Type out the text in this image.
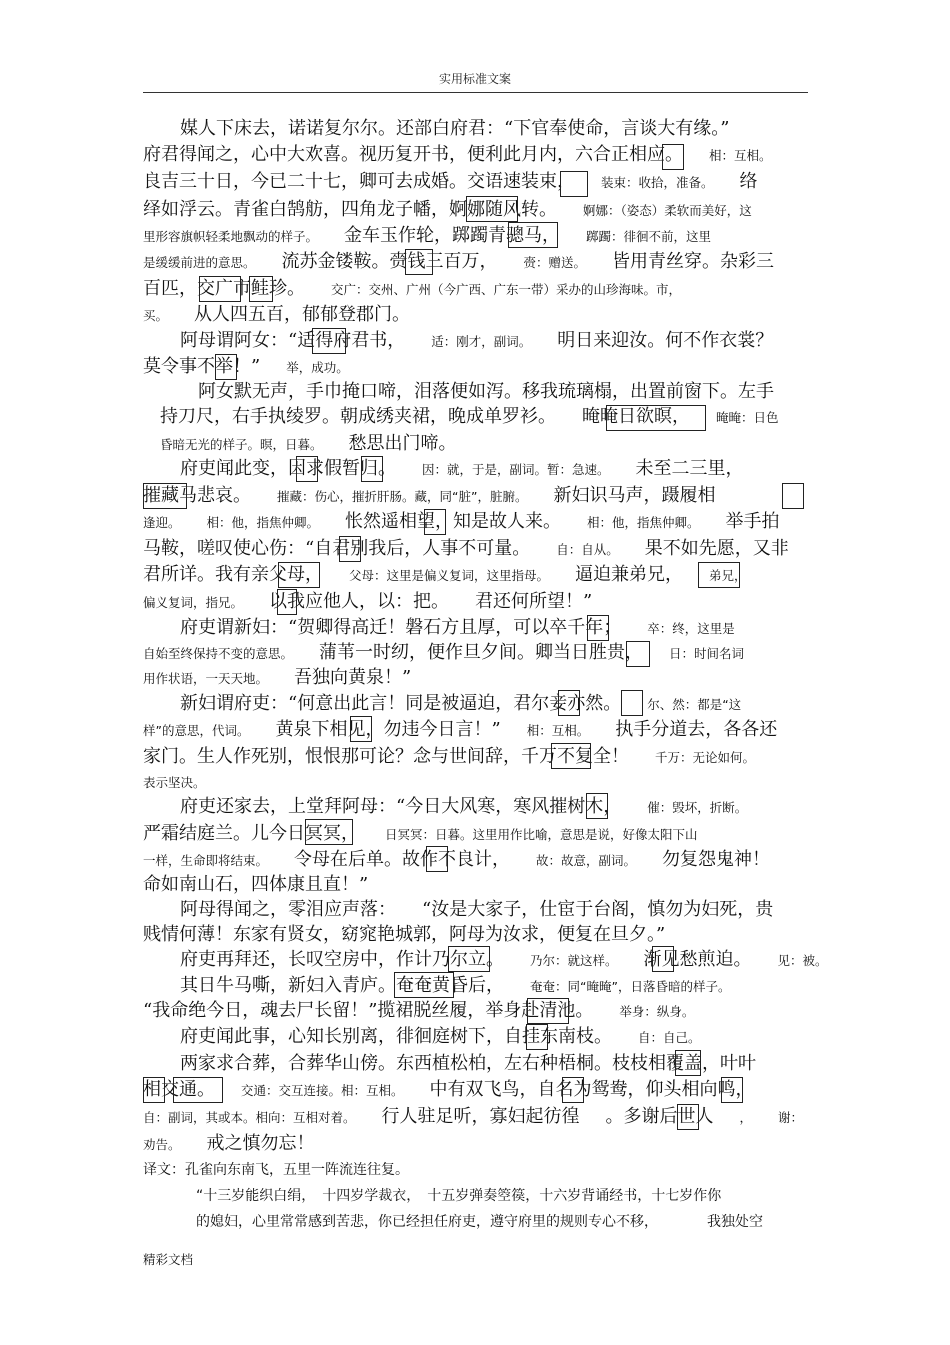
实用标准文案
媒人下床去，诺诺复尔尔。还部白府君：“下官奉使命，言谈大有缘。”
府君得闻之，心中大欢喜。视历复开书，便利此月内，六合正相应。 相：互相。
良吉三十日，今已二十七，卿可去成婚。交语速装束， 装束：收拾，准备。 络
绎如浮云。青雀白鹄舫，四角龙子幡，婀娜随风转。 婀娜：（姿态）柔软而美好，这
里形容旗帜轻柔地飘动的样子。 金车玉作轮，踯躅青骢马， 踯躅：徘徊不前，这里
是缓缓前进的意思。 流苏金镂鞍。赍钱三百万， 赍：赠送。 皆用青丝穿。杂彩三
百匹，交广市鲑珍。 交广：交州、广州（今广西、广东一带）采办的山珍海味。市，
买。 从人四五百，郁郁登郡门。
阿母谓阿女：“适得府君书， 适：刚才，副词。 明日来迎汝。何不作衣裳？
莫令事不举！” 举，成功。
阿女默无声，手巾掩口啼，泪落便如泻。移我琉璃榻，出置前窗下。左手
持刀尺，右手执绫罗。朝成绣夹裙，晚成单罗衫。 晻晻日欲暝， 晻晻：日色
昏暗无光的样子。暝，日暮。 愁思出门啼。
府吏闻此变，因求假暂归。 因：就，于是，副词。暂：急速。 未至二三里，
摧藏马悲哀。 摧藏：伤心，摧折肝肠。藏，同“脏”，脏腑。 新妇识马声，蹑履相
逢迎。 相：他，指焦仲卿。 怅然遥相望，知是故人来。 相：他，指焦仲卿。 举手拍
马鞍，嗟叹使心伤：“自君别我后，人事不可量。 自：自从。 果不如先愿，又非
君所详。我有亲父母， 父母：这里是偏义复词，这里指母。 逼迫兼弟兄， 弟兄，
偏义复词，指兄。 以我应他人，以：把。 君还何所望！”
府吏谓新妇：“贺卿得高迁！磐石方且厚，可以卒千年； 卒：终，这里是
自始至终保持不变的意思。 蒲苇一时纫，便作旦夕间。卿当日胜贵， 日：时间名词
用作状语，一天天地。 吾独向黄泉！”
新妇谓府吏：“何意出此言！同是被逼迫，君尔妾亦然。 尔、然：都是“这
样”的意思，代词。 黄泉下相见，勿违今日言！” 相：互相。 执手分道去，各各还
家门。生人作死别，恨恨那可论？念与世间辞，千万不复全！ 千万：无论如何。
表示坚决。
府吏还家去，上堂拜阿母：“今日大风寒，寒风摧树木， 催：毁坏，折断。
严霜结庭兰。儿今日冥冥， 日冥冥：日暮。这里用作比喻，意思是说，好像太阳下山
一样，生命即将结束。 令母在后单。故作不良计， 故：故意，副词。 勿复怨鬼神！
命如南山石，四体康且直！”
阿母得闻之，零泪应声落： “汝是大家子，仕宦于台阁，慎勿为妇死，贵
贱情何薄！东家有贤女，窈窕艳城郭，阿母为汝求，便复在旦夕。”
府吏再拜还，长叹空房中，作计乃尔立。 乃尔：就这样。 渐见愁煎迫。 见：被。
其日牛马嘶，新妇入青庐。奄奄黄昏后， 奄奄：同“晻晻”，日落昏暗的样子。
“我命绝今日，魂去尸长留！”揽裙脱丝履，举身赴清池。 举身：纵身。
府吏闻此事，心知长别离，徘徊庭树下，自挂东南枝。 自：自己。
两家求合葬，合葬华山傍。东西植松柏，左右种梧桐。枝枝相覆盖，叶叶
相交通。 交通：交互连接。相：互相。 中有双飞鸟，自名为鸳鸯，仰头相向鸣，
自：副词，其或本。相向：互相对着。 行人驻足听，寡妇起彷徨 。多谢后世人 ， 谢：
劝告。 戒之慎勿忘！
译文：孔雀向东南飞，五里一阵流连往复。
“十三岁能织白绢，　十四岁学裁衣，　十五岁弹奏箜篌，十六岁背诵经书，十七岁作你
的媳妇，心里常常感到苦悲，你已经担任府吏，遵守府里的规则专心不移，　　　　我独处空
精彩文档
